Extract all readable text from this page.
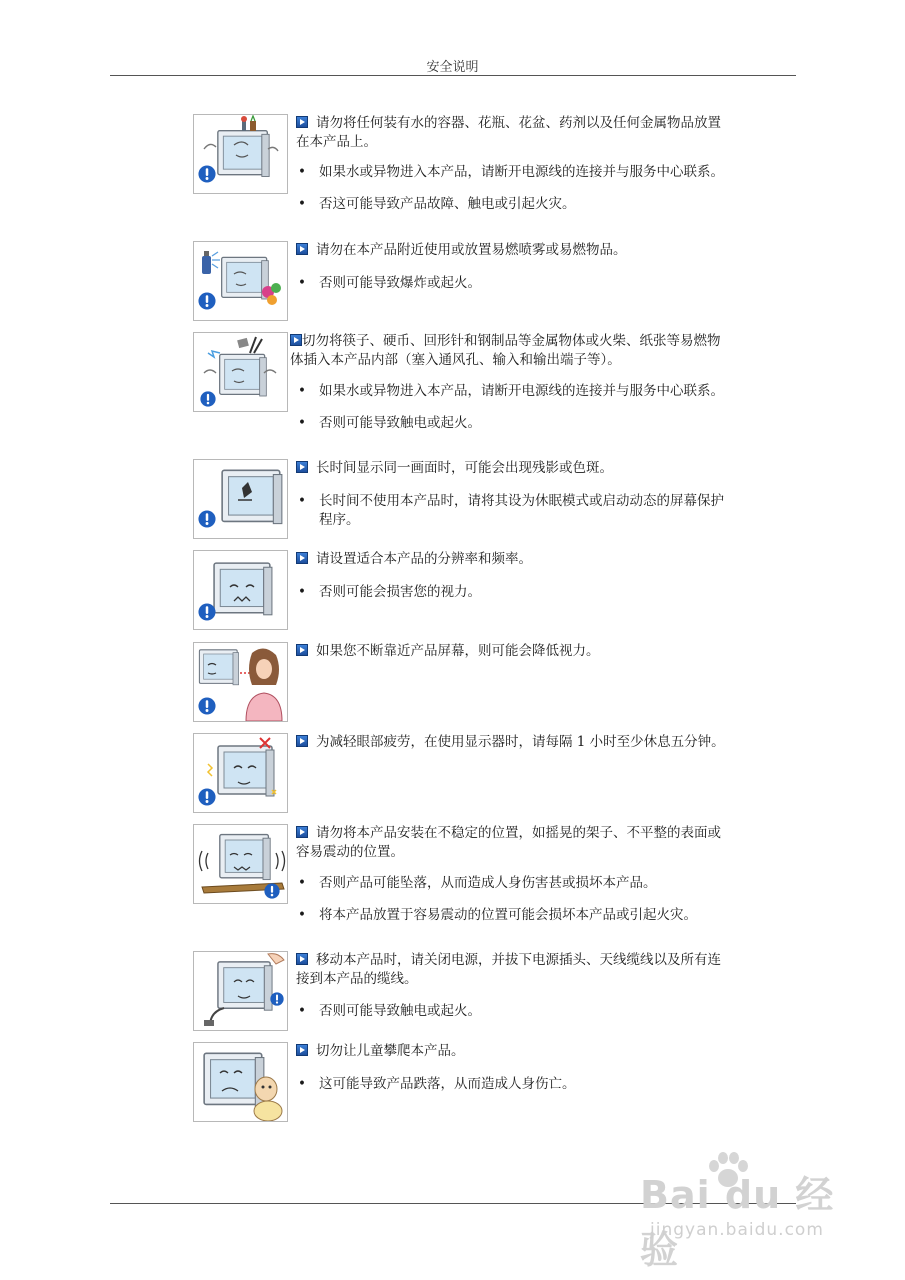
安全说明

请勿将任何装有水的容器、花瓶、花盆、药剂以及任何金属物品放置在本产品上。

• 如果水或异物进入本产品，请断开电源线的连接并与服务中心联系。

• 否这可能导致产品故障、触电或引起火灾。

请勿在本产品附近使用或放置易燃喷雾或易燃物品。

• 否则可能导致爆炸或起火。

切勿将筷子、硬币、回形针和钢制品等金属物体或火柴、纸张等易燃物体插入本产品内部（塞入通风孔、输入和输出端子等）。

• 如果水或异物进入本产品，请断开电源线的连接并与服务中心联系。

• 否则可能导致触电或起火。

长时间显示同一画面时，可能会出现残影或色斑。

• 长时间不使用本产品时，请将其设为休眠模式或启动动态的屏幕保护程序。

请设置适合本产品的分辨率和频率。

• 否则可能会损害您的视力。

如果您不断靠近产品屏幕，则可能会降低视力。

为减轻眼部疲劳，在使用显示器时，请每隔 1 小时至少休息五分钟。

请勿将本产品安装在不稳定的位置，如摇晃的架子、不平整的表面或容易震动的位置。

• 否则产品可能坠落，从而造成人身伤害甚或损坏本产品。

• 将本产品放置于容易震动的位置可能会损坏本产品或引起火灾。

移动本产品时，请关闭电源，并拔下电源插头、天线缆线以及所有连接到本产品的缆线。

• 否则可能导致触电或起火。

切勿让儿童攀爬本产品。

• 这可能导致产品跌落，从而造成人身伤亡。

Bai du 经验
jingyan.baidu.com
